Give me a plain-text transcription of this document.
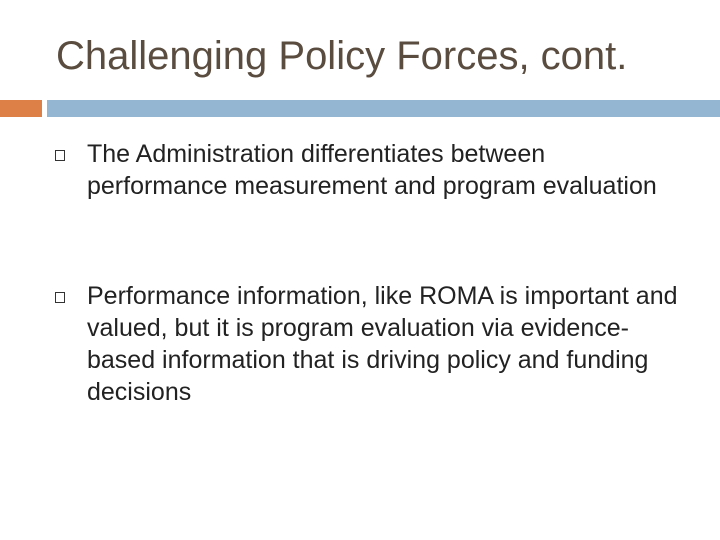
Challenging Policy Forces, cont.
The Administration differentiates between performance measurement and program evaluation
Performance information, like ROMA is important and valued, but it is program evaluation via evidence-based information that is driving policy and funding decisions
